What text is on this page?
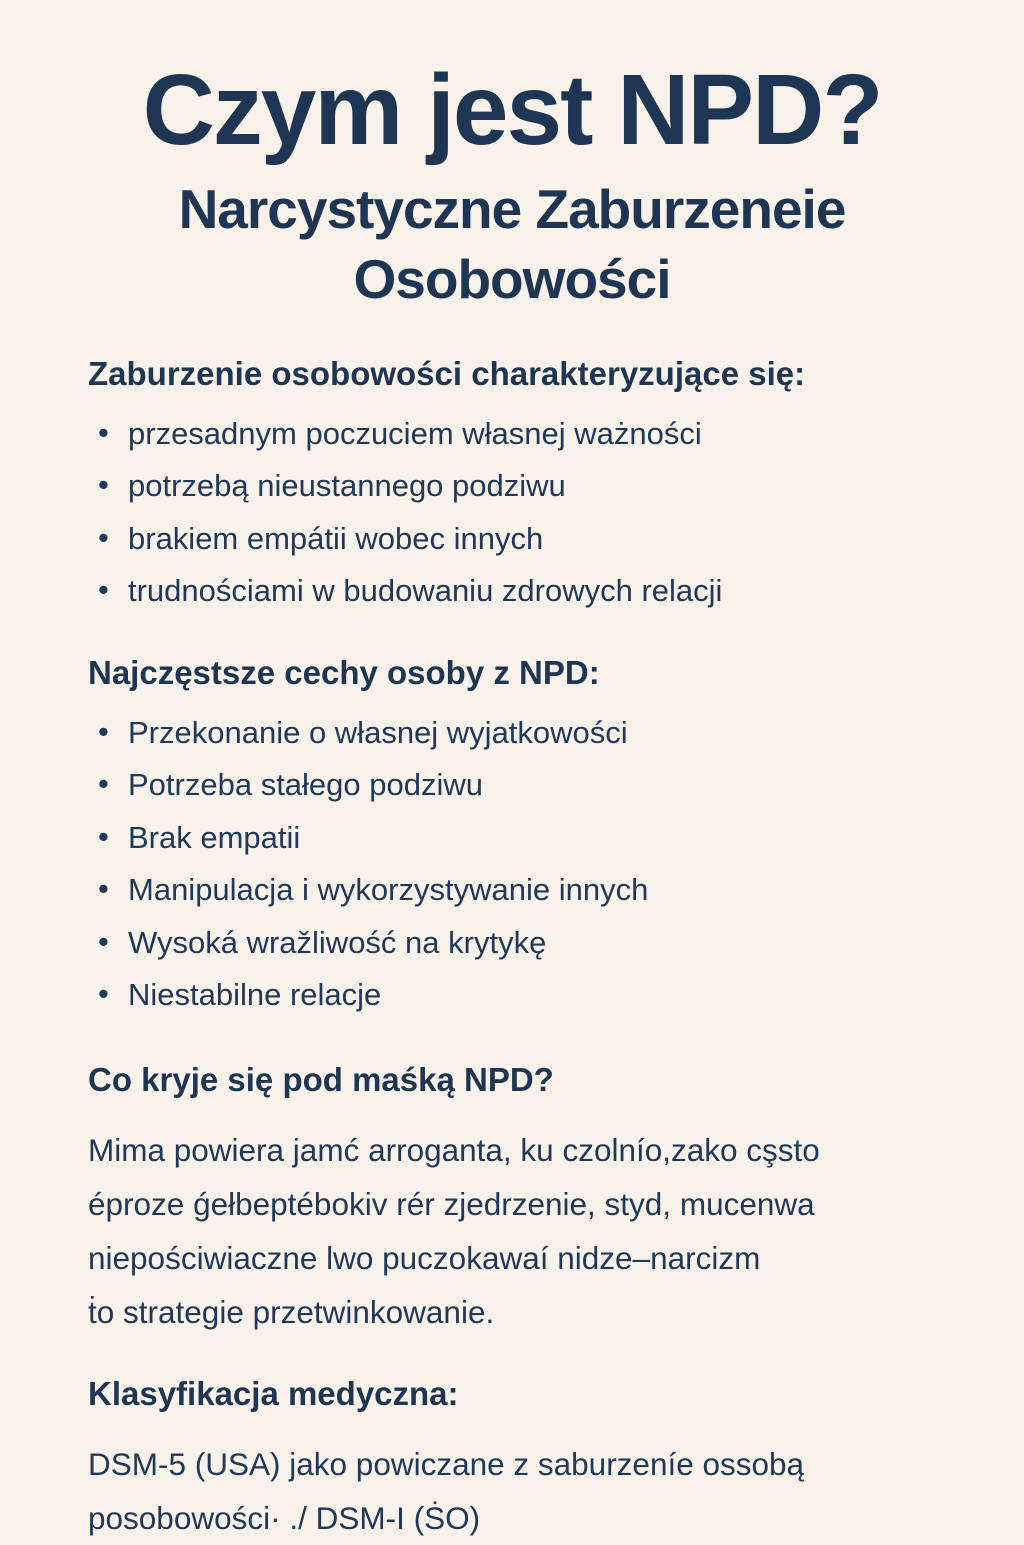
Czym jest NPD?
Narcystyczne Zaburzeneie
Osobowości
Zaburzenie osobowości charakteryzujące się:
• przesadnym poczuciem własnej ważności
• potrzebą nieustannego podziwu
• brakiem empátii wobec innych
• trudnościami w budowaniu zdrowych relacji
Najczęstsze cechy osoby z NPD:
• Przekonanie o własnej wyjatkowości
• Potrzeba stałego podziwu
• Brak empatii
• Manipulacja i wykorzystywanie innych
• Wysoká wražliwość na krytykę
• Niestabilne relacje
Co kryje się pod maśką NPD?
Mima powiera jamć arroganta, ku czolnío,zako cşsto
éproze ǵełbeptébokiv rér zjedrzenie, styd, mucenwa
niepościwiaczne lwo puczokawaí nidze–narcizm
ṫo strategie przetwinkowanie.
Klasyfikacja medyczna:
DSM-5 (USA) jako powiczane z saburzeníe ossobą
posobowości· ./ DSM-I (ṠO)
